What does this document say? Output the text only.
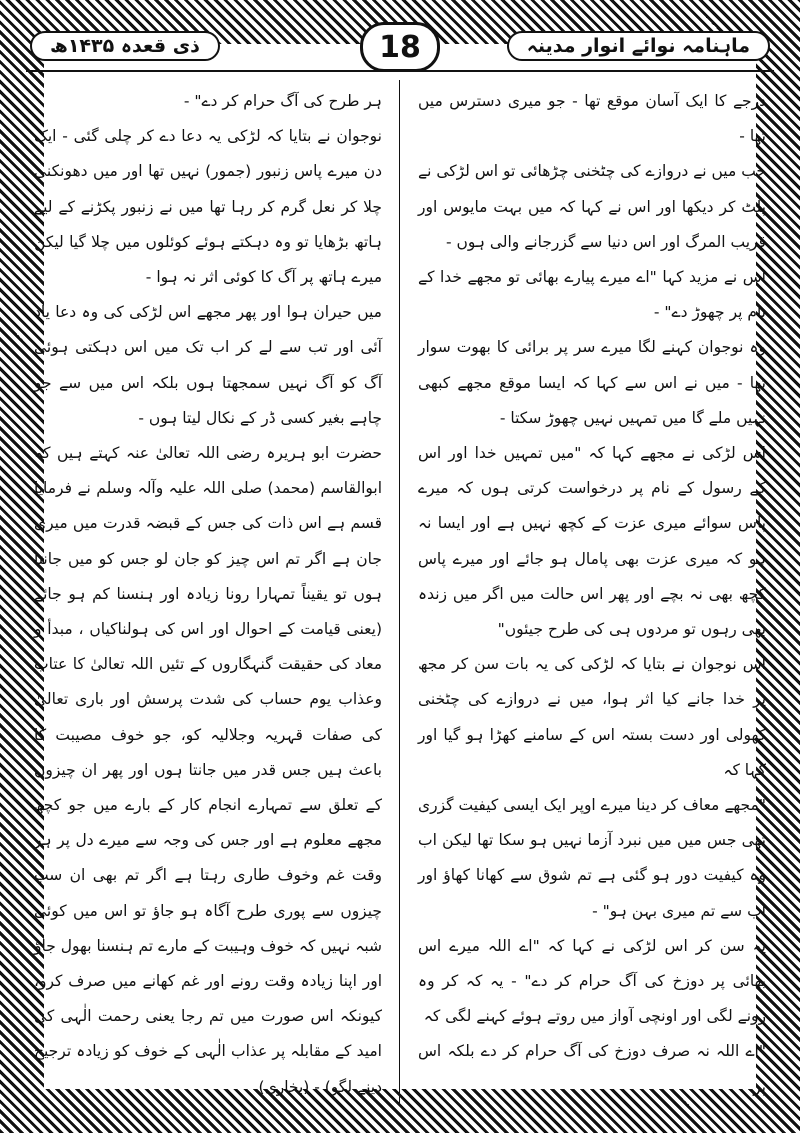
ذی قعدہ ۱۴۳۵ھ	ماہنامہ نوائے انوار مدینہ
18

درجے کا ایک آسان موقع تھا - جو میری دسترس میں تھا -

جب میں نے دروازے کی چٹخنی چڑھائی تو اس لڑکی نے پلٹ کر دیکھا اور اس نے کہا کہ میں بہت مایوس اور قریب المرگ اور اس دنیا سے گزرجانے والی ہوں -

اس نے مزید کہا "اے میرے پیارے بھائی تو مجھے خدا کے نام پر چھوڑ دے" -

وہ نوجوان کہنے لگا میرے سر پر برائی کا بھوت سوار تھا - میں نے اس سے کہا کہ ایسا موقع مجھے کبھی نہیں ملے گا میں تمہیں نہیں چھوڑ سکتا -

اس لڑکی نے مجھے کہا کہ "میں تمہیں خدا اور اس کے رسول کے نام پر درخواست کرتی ہوں کہ میرے پاس سوائے میری عزت کے کچھ نہیں ہے اور ایسا نہ ہو کہ میری عزت بھی پامال ہو جائے اور میرے پاس کچھ بھی نہ بچے اور پھر اس حالت میں اگر میں زندہ بھی رہوں تو مردوں ہی کی طرح جیئوں"

اس نوجوان نے بتایا کہ لڑکی کی یہ بات سن کر مجھ پر خدا جانے کیا اثر ہوا، میں نے دروازے کی چٹخنی کھولی اور دست بستہ اس کے سامنے کھڑا ہو گیا اور کہا کہ

"مجھے معاف کر دینا میرے اوپر ایک ایسی کیفیت گزری تھی جس میں میں نبرد آزما نہیں ہو سکا تھا لیکن اب وہ کیفیت دور ہو گئی ہے تم شوق سے کھانا کھاؤ اور اب سے تم میری بہن ہو" -

یہ سن کر اس لڑکی نے کہا کہ "اے اللہ میرے اس بھائی پر دوزخ کی آگ حرام کر دے" - یہ کہ کر وہ رونے لگی اور اونچی آواز میں روتے ہوئے کہنے لگی کہ

"اے اللہ نہ صرف دوزخ کی آگ حرام کر دے بلکہ اس پر

ہر طرح کی آگ حرام کر دے" -

نوجوان نے بتایا کہ لڑکی یہ دعا دے کر چلی گئی - ایک دن میرے پاس زنبور (جمور) نہیں تھا اور میں دھونکنی چلا کر نعل گرم کر رہا تھا میں نے زنبور پکڑنے کے لیے ہاتھ بڑھایا تو وہ دہکتے ہوئے کوئلوں میں چلا گیا لیکن میرے ہاتھ پر آگ کا کوئی اثر نہ ہوا -

میں حیران ہوا اور پھر مجھے اس لڑکی کی وہ دعا یاد آئی اور تب سے لے کر اب تک میں اس دہکتی ہوئی آگ کو آگ نہیں سمجھتا ہوں بلکہ اس میں سے جو چاہے بغیر کسی ڈر کے نکال لیتا ہوں -

حضرت ابو ہریرہ رضی اللہ تعالیٰ عنہ کہتے ہیں کہ ابوالقاسم (محمد) صلی اللہ علیہ وآلہ وسلم نے فرمایا قسم ہے اس ذات کی جس کے قبضہ قدرت میں میری جان ہے اگر تم اس چیز کو جان لو جس کو میں جانتا ہوں تو یقیناً تمہارا رونا زیادہ اور ہنسنا کم ہو جائے (یعنی قیامت کے احوال اور اس کی ہولناکیاں ، مبدأ و معاد کی حقیقت گنہگاروں کے تئیں اللہ تعالیٰ کا عتاب وعذاب یوم حساب کی شدت پرسش اور باری تعالیٰ کی صفات قہریہ وجلالیہ کو، جو خوف مصیبت کا باعث ہیں جس قدر میں جانتا ہوں اور پھر ان چیزوں کے تعلق سے تمہارے انجام کار کے بارے میں جو کچھ مجھے معلوم ہے اور جس کی وجہ سے میرے دل پر ہر وقت غم وخوف طاری رہتا ہے اگر تم بھی ان سب چیزوں سے پوری طرح آگاہ ہو جاؤ تو اس میں کوئی شبہ نہیں کہ خوف وہیبت کے مارے تم ہنسنا بھول جاؤ اور اپنا زیادہ وقت رونے اور غم کھانے میں صرف کرو، کیونکہ اس صورت میں تم رجا یعنی رحمت الٰہی کی امید کے مقابلہ پر عذاب الٰہی کے خوف کو زیادہ ترجیح دینے لگو) - (بخاری)
